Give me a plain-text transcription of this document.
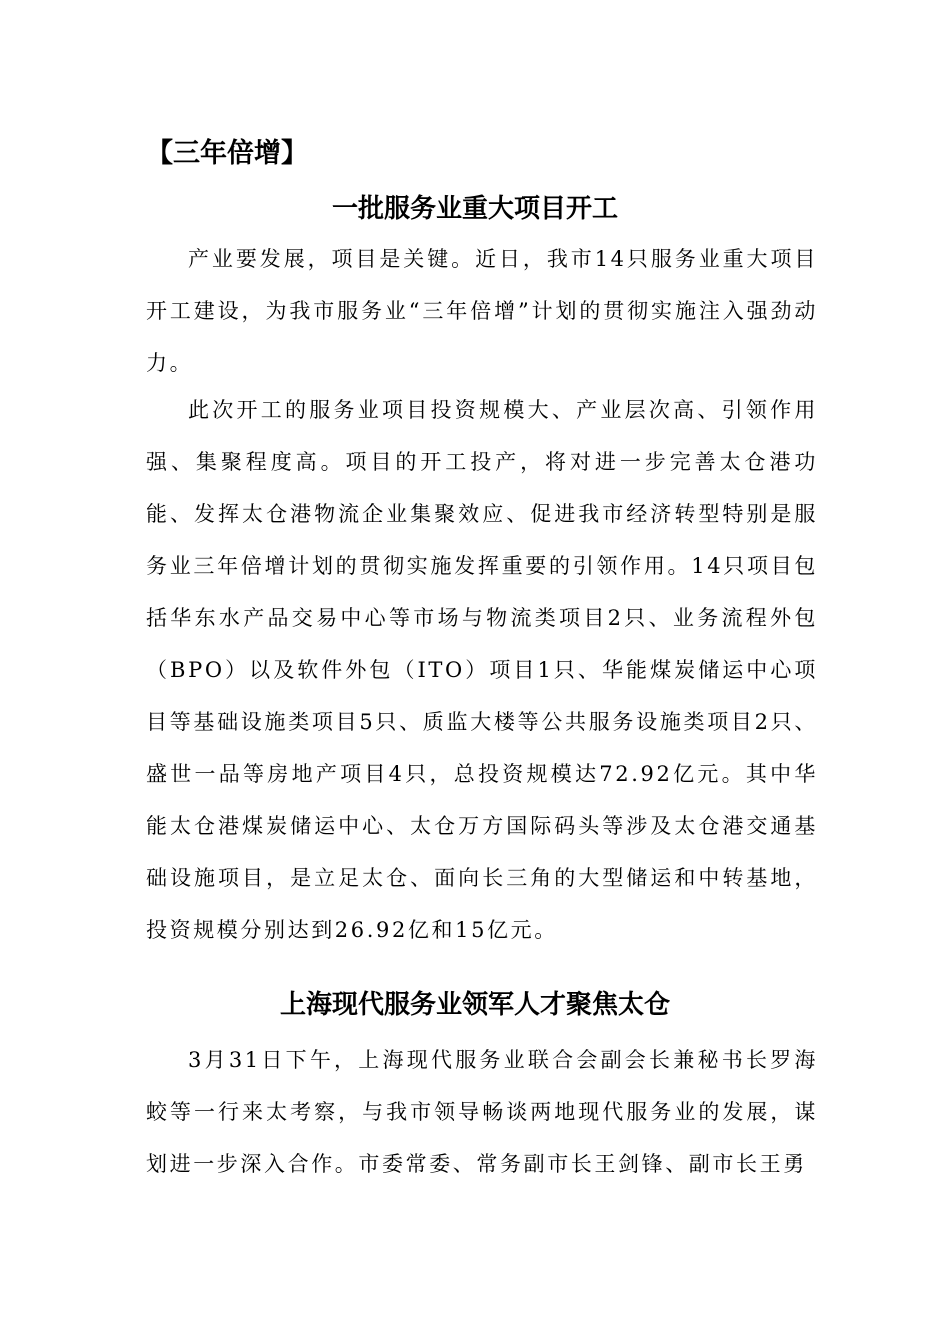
【三年倍增】
一批服务业重大项目开工

产业要发展，项目是关键。近日，我市14只服务业重大项目开工建设，为我市服务业“三年倍增”计划的贯彻实施注入强劲动力。

此次开工的服务业项目投资规模大、产业层次高、引领作用强、集聚程度高。项目的开工投产，将对进一步完善太仓港功能、发挥太仓港物流企业集聚效应、促进我市经济转型特别是服务业三年倍增计划的贯彻实施发挥重要的引领作用。14只项目包括华东水产品交易中心等市场与物流类项目2只、业务流程外包（BPO）以及软件外包（ITO）项目1只、华能煤炭储运中心项目等基础设施类项目5只、质监大楼等公共服务设施类项目2只、盛世一品等房地产项目4只，总投资规模达72.92亿元。其中华能太仓港煤炭储运中心、太仓万方国际码头等涉及太仓港交通基础设施项目，是立足太仓、面向长三角的大型储运和中转基地，投资规模分别达到26.92亿和15亿元。

上海现代服务业领军人才聚焦太仓

3月31日下午，上海现代服务业联合会副会长兼秘书长罗海蛟等一行来太考察，与我市领导畅谈两地现代服务业的发展，谋划进一步深入合作。市委常委、常务副市长王剑锋、副市长王勇
